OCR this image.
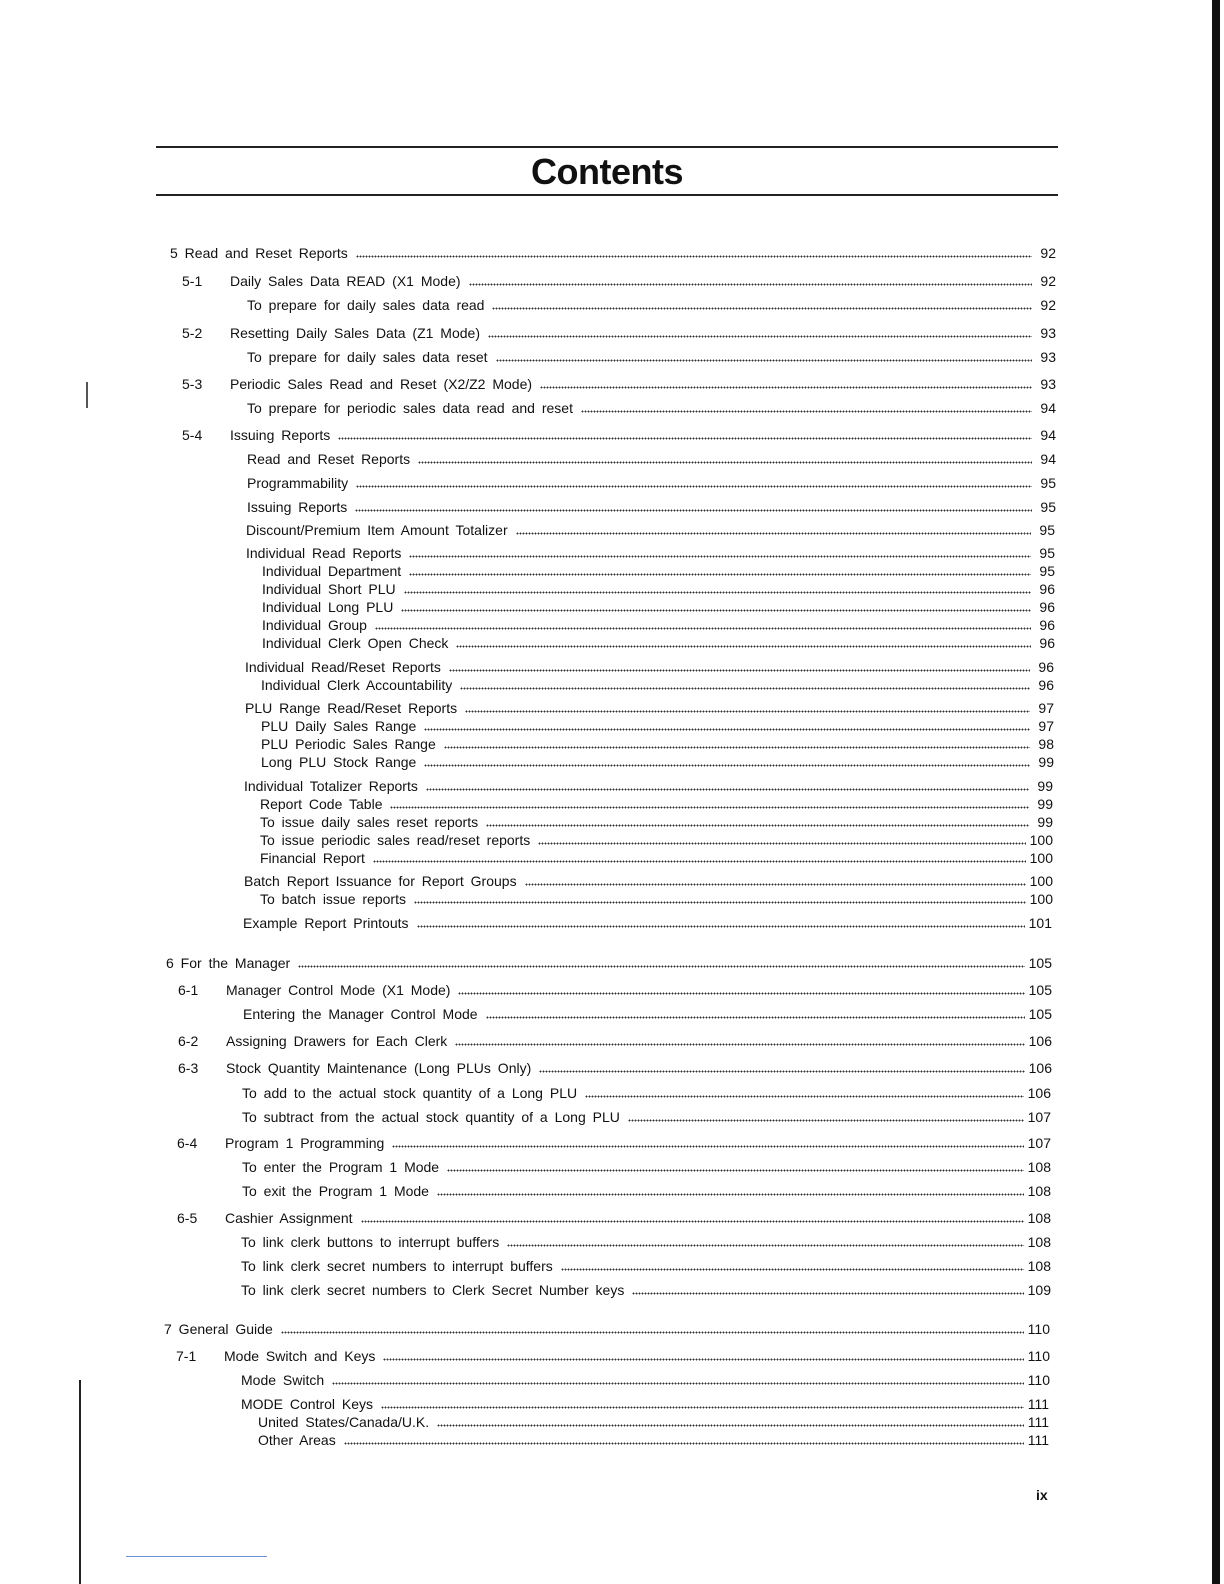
Contents
5 Read and Reset Reports	92
5-1 Daily Sales Data READ (X1 Mode)	92
To prepare for daily sales data read	92
5-2 Resetting Daily Sales Data (Z1 Mode)	93
To prepare for daily sales data reset	93
5-3 Periodic Sales Read and Reset (X2/Z2 Mode)	93
To prepare for periodic sales data read and reset	94
5-4 Issuing Reports	94
Read and Reset Reports	94
Programmability	95
Issuing Reports	95
Discount/Premium Item Amount Totalizer	95
Individual Read Reports	95
Individual Department	95
Individual Short PLU	96
Individual Long PLU	96
Individual Group	96
Individual Clerk Open Check	96
Individual Read/Reset Reports	96
Individual Clerk Accountability	96
PLU Range Read/Reset Reports	97
PLU Daily Sales Range	97
PLU Periodic Sales Range	98
Long PLU Stock Range	99
Individual Totalizer Reports	99
Report Code Table	99
To issue daily sales reset reports	99
To issue periodic sales read/reset reports	100
Financial Report	100
Batch Report Issuance for Report Groups	100
To batch issue reports	100
Example Report Printouts	101
6 For the Manager	105
6-1 Manager Control Mode (X1 Mode)	105
Entering the Manager Control Mode	105
6-2 Assigning Drawers for Each Clerk	106
6-3 Stock Quantity Maintenance (Long PLUs Only)	106
To add to the actual stock quantity of a Long PLU	106
To subtract from the actual stock quantity of a Long PLU	107
6-4 Program 1 Programming	107
To enter the Program 1 Mode	108
To exit the Program 1 Mode	108
6-5 Cashier Assignment	108
To link clerk buttons to interrupt buffers	108
To link clerk secret numbers to interrupt buffers	108
To link clerk secret numbers to Clerk Secret Number keys	109
7 General Guide	110
7-1 Mode Switch and Keys	110
Mode Switch	110
MODE Control Keys	111
United States/Canada/U.K.	111
Other Areas	111
ix
